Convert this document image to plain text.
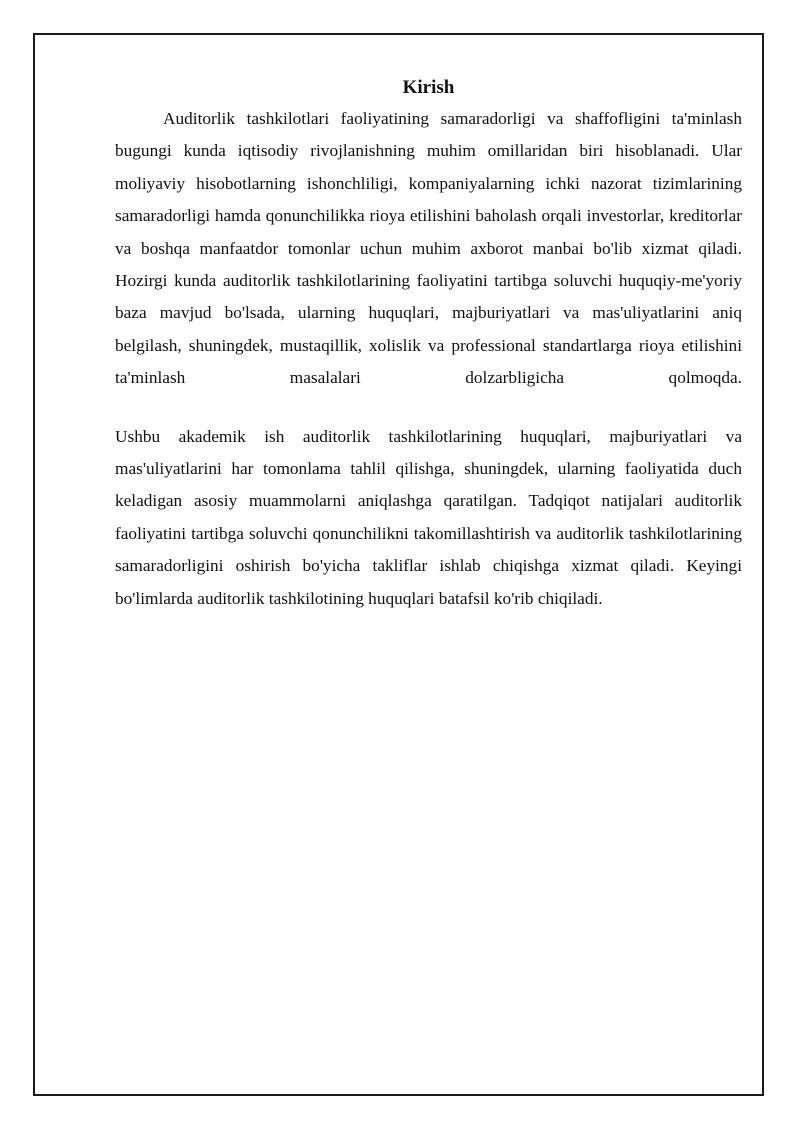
Kirish

Auditorlik tashkilotlari faoliyatining samaradorligi va shaffofligini ta'minlash bugungi kunda iqtisodiy rivojlanishning muhim omillaridan biri hisoblanadi. Ular moliyaviy hisobotlarning ishonchliligi, kompaniyalarning ichki nazorat tizimlarining samaradorligi hamda qonunchilikka rioya etilishini baholash orqali investorlar, kreditorlar va boshqa manfaatdor tomonlar uchun muhim axborot manbai bo'lib xizmat qiladi. Hozirgi kunda auditorlik tashkilotlarining faoliyatini tartibga soluvchi huquqiy-me'yoriy baza mavjud bo'lsada, ularning huquqlari, majburiyatlari va mas'uliyatlarini aniq belgilash, shuningdek, mustaqillik, xolislik va professional standartlarga rioya etilishini ta'minlash masalalari dolzarbligicha qolmoqda.

Ushbu akademik ish auditorlik tashkilotlarining huquqlari, majburiyatlari va mas'uliyatlarini har tomonlama tahlil qilishga, shuningdek, ularning faoliyatida duch keladigan asosiy muammolarni aniqlashga qaratilgan. Tadqiqot natijalari auditorlik faoliyatini tartibga soluvchi qonunchilikni takomillashtirish va auditorlik tashkilotlarining samaradorligini oshirish bo'yicha takliflar ishlab chiqishga xizmat qiladi. Keyingi bo'limlarda auditorlik tashkilotining huquqlari batafsil ko'rib chiqiladi.
